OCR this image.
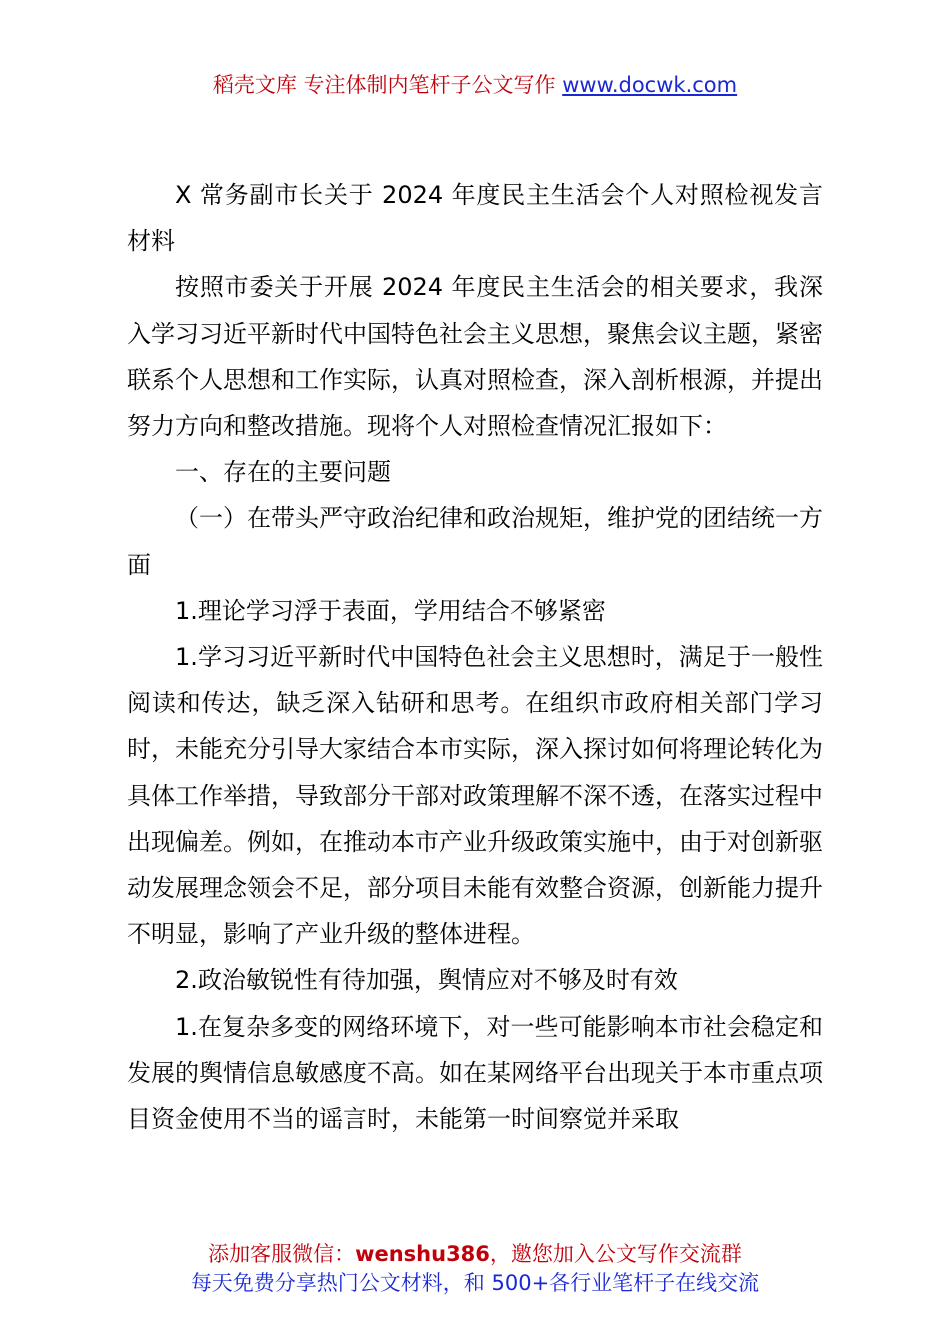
稻壳文库 专注体制内笔杆子公文写作 www.docwk.com

X 常务副市长关于 2024 年度民主生活会个人对照检视发言材料

按照市委关于开展 2024 年度民主生活会的相关要求，我深入学习习近平新时代中国特色社会主义思想，聚焦会议主题，紧密联系个人思想和工作实际，认真对照检查，深入剖析根源，并提出努力方向和整改措施。现将个人对照检查情况汇报如下：

一、存在的主要问题

（一）在带头严守政治纪律和政治规矩，维护党的团结统一方面

1.理论学习浮于表面，学用结合不够紧密

1.学习习近平新时代中国特色社会主义思想时，满足于一般性阅读和传达，缺乏深入钻研和思考。在组织市政府相关部门学习时，未能充分引导大家结合本市实际，深入探讨如何将理论转化为具体工作举措，导致部分干部对政策理解不深不透，在落实过程中出现偏差。例如，在推动本市产业升级政策实施中，由于对创新驱动发展理念领会不足，部分项目未能有效整合资源，创新能力提升不明显，影响了产业升级的整体进程。

2.政治敏锐性有待加强，舆情应对不够及时有效

1.在复杂多变的网络环境下，对一些可能影响本市社会稳定和发展的舆情信息敏感度不高。如在某网络平台出现关于本市重点项目资金使用不当的谣言时，未能第一时间察觉并采取

添加客服微信：wenshu386，邀您加入公文写作交流群
每天免费分享热门公文材料，和 500+各行业笔杆子在线交流
